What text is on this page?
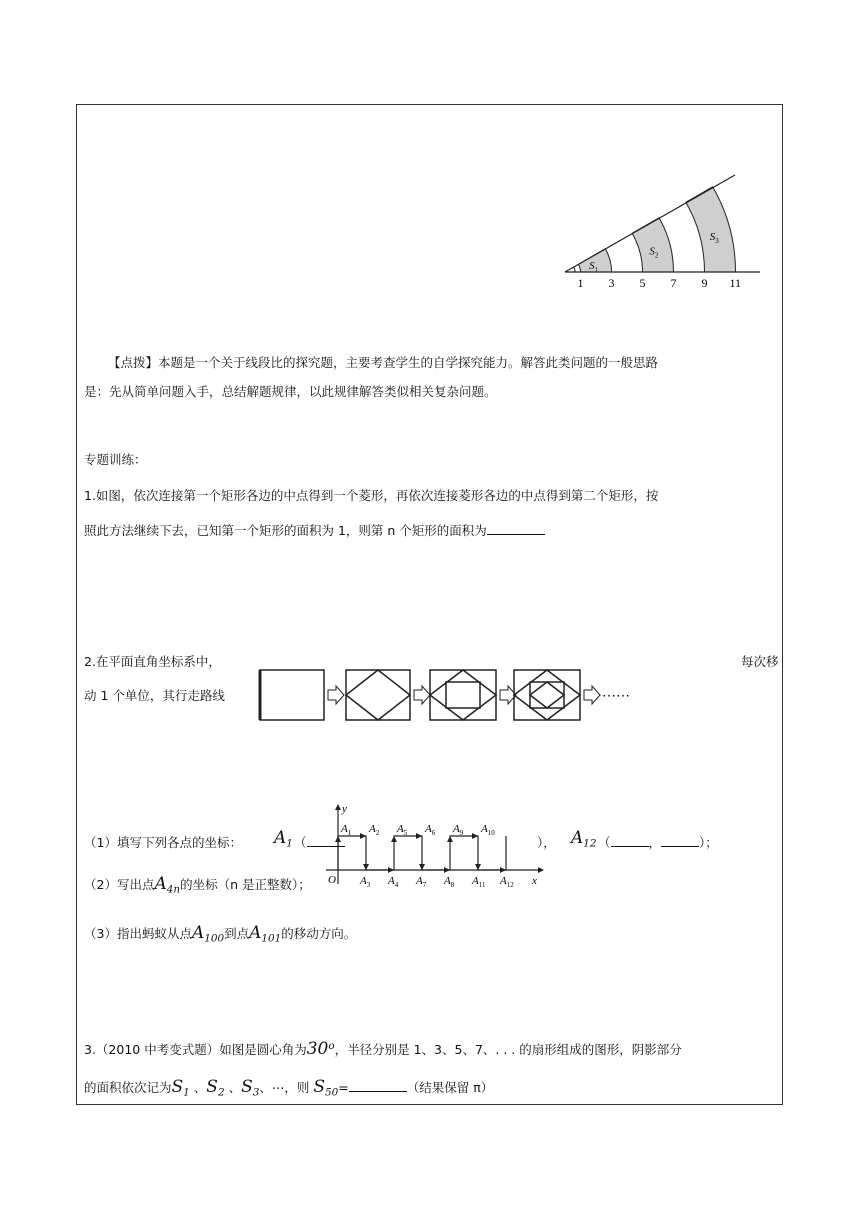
$S_1$
$S_2$
$S_3$
1 3 5 7 9 11
【点拨】本题是一个关于线段比的探究题，主要考查学生的自学探究能力。解答此类问题的一般思路
是：先从简单问题入手，总结解题规律，以此规律解答类似相关复杂问题。
专题训练：
1.如图，依次连接第一个矩形各边的中点得到一个菱形，再依次连接菱形各边的中点得到第二个矩形，按
照此方法继续下去，已知第一个矩形的面积为 1，则第 n 个矩形的面积为
2.在平面直角坐标系中，	每次移
动 1 个单位，其行走路线	⋯⋯
y
x
O
$A_1$ $A_2$ $A_5$ $A_6$ $A_9$ $A_{10}$
$A_3$ $A_4$ $A_7$ $A_8$ $A_{11}$ $A_{12}$
（1）填写下列各点的坐标： $A_1$ （	）， $A_{12}$ （	，	）；
（2）写出点$A_{4n}$的坐标（n 是正整数）；
（3）指出蚂蚁从点$A_{100}$到点$A_{101}$的移动方向。
3.（2010 中考变式题）如图是圆心角为30$^o$，半径分别是 1、3、5、7、. . . 的扇形组成的图形，阴影部分
的面积依次记为$S_1$ 、$S_2$ 、$S_3$、⋯，则 $S_{50}=$	（结果保留 π）
